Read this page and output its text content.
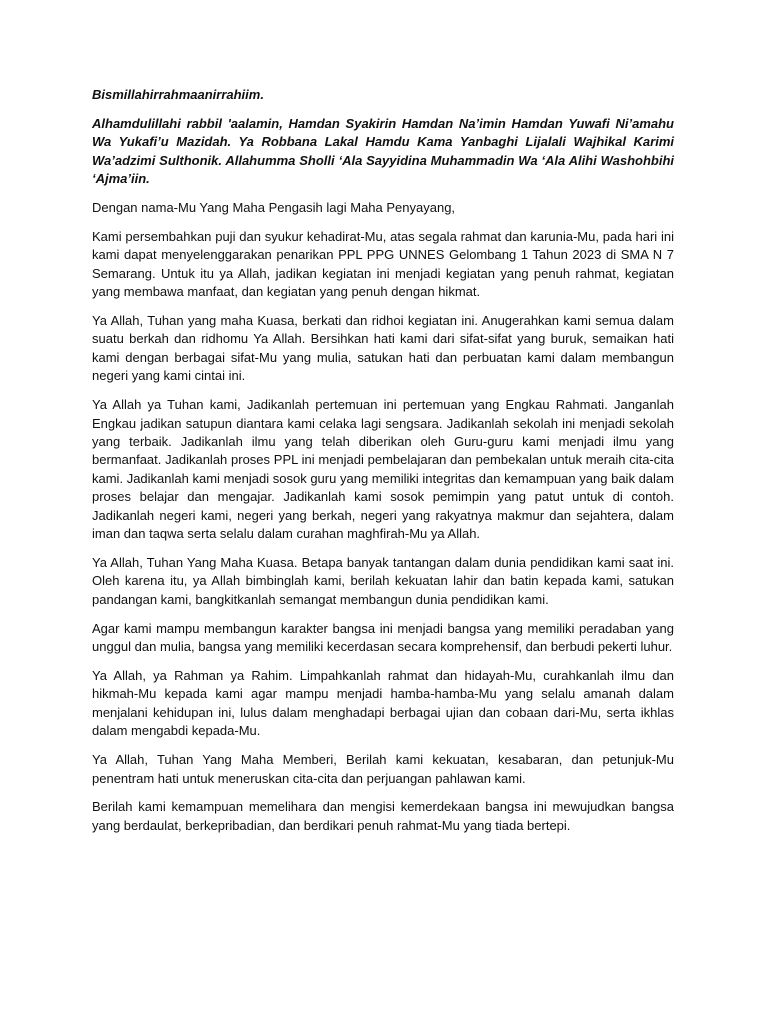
Bismillahirrahmaanirrahiim.

Alhamdulillahi rabbil 'aalamin, Hamdan Syakirin Hamdan Na’imin Hamdan Yuwafi Ni’amahu Wa Yukafi’u Mazidah. Ya Robbana Lakal Hamdu Kama Yanbaghi Lijalali Wajhikal Karimi Wa’adzimi Sulthonik. Allahumma Sholli ‘Ala Sayyidina Muhammadin Wa ‘Ala Alihi Washohbihi ‘Ajma’iin.

Dengan nama-Mu Yang Maha Pengasih lagi Maha Penyayang,

Kami persembahkan puji dan syukur kehadirat-Mu, atas segala rahmat dan karunia-Mu, pada hari ini kami dapat menyelenggarakan penarikan PPL PPG UNNES Gelombang 1 Tahun 2023 di SMA N 7 Semarang. Untuk itu ya Allah, jadikan kegiatan ini menjadi kegiatan yang penuh rahmat, kegiatan yang membawa manfaat, dan kegiatan yang penuh dengan hikmat.

Ya Allah, Tuhan yang maha Kuasa, berkati dan ridhoi kegiatan ini. Anugerahkan kami semua dalam suatu berkah dan ridhomu Ya Allah. Bersihkan hati kami dari sifat-sifat yang buruk, semaikan hati kami dengan berbagai sifat-Mu yang mulia, satukan hati dan perbuatan kami dalam membangun negeri yang kami cintai ini.

Ya Allah ya Tuhan kami, Jadikanlah pertemuan ini pertemuan yang Engkau Rahmati. Janganlah Engkau jadikan satupun diantara kami celaka lagi sengsara. Jadikanlah sekolah ini menjadi sekolah yang terbaik. Jadikanlah ilmu yang telah diberikan oleh Guru-guru kami menjadi ilmu yang bermanfaat. Jadikanlah proses PPL ini menjadi pembelajaran dan pembekalan untuk meraih cita-cita kami. Jadikanlah kami menjadi sosok guru yang memiliki integritas dan kemampuan yang baik dalam proses belajar dan mengajar. Jadikanlah kami sosok pemimpin yang patut untuk di contoh. Jadikanlah negeri kami, negeri yang berkah, negeri yang rakyatnya makmur dan sejahtera, dalam iman dan taqwa serta selalu dalam curahan maghfirah-Mu ya Allah.

Ya Allah, Tuhan Yang Maha Kuasa. Betapa banyak tantangan dalam dunia pendidikan kami saat ini. Oleh karena itu, ya Allah bimbinglah kami, berilah kekuatan lahir dan batin kepada kami, satukan pandangan kami, bangkitkanlah semangat membangun dunia pendidikan kami.

Agar kami mampu membangun karakter bangsa ini menjadi bangsa yang memiliki peradaban yang unggul dan mulia, bangsa yang memiliki kecerdasan secara komprehensif, dan berbudi pekerti luhur.

Ya Allah, ya Rahman ya Rahim. Limpahkanlah rahmat dan hidayah-Mu, curahkanlah ilmu dan hikmah-Mu kepada kami agar mampu menjadi hamba-hamba-Mu yang selalu amanah dalam menjalani kehidupan ini, lulus dalam menghadapi berbagai ujian dan cobaan dari-Mu, serta ikhlas dalam mengabdi kepada-Mu.

Ya Allah, Tuhan Yang Maha Memberi, Berilah kami kekuatan, kesabaran, dan petunjuk-Mu penentram hati untuk meneruskan cita-cita dan perjuangan pahlawan kami.

Berilah kami kemampuan memelihara dan mengisi kemerdekaan bangsa ini mewujudkan bangsa yang berdaulat, berkepribadian, dan berdikari penuh rahmat-Mu yang tiada bertepi.
